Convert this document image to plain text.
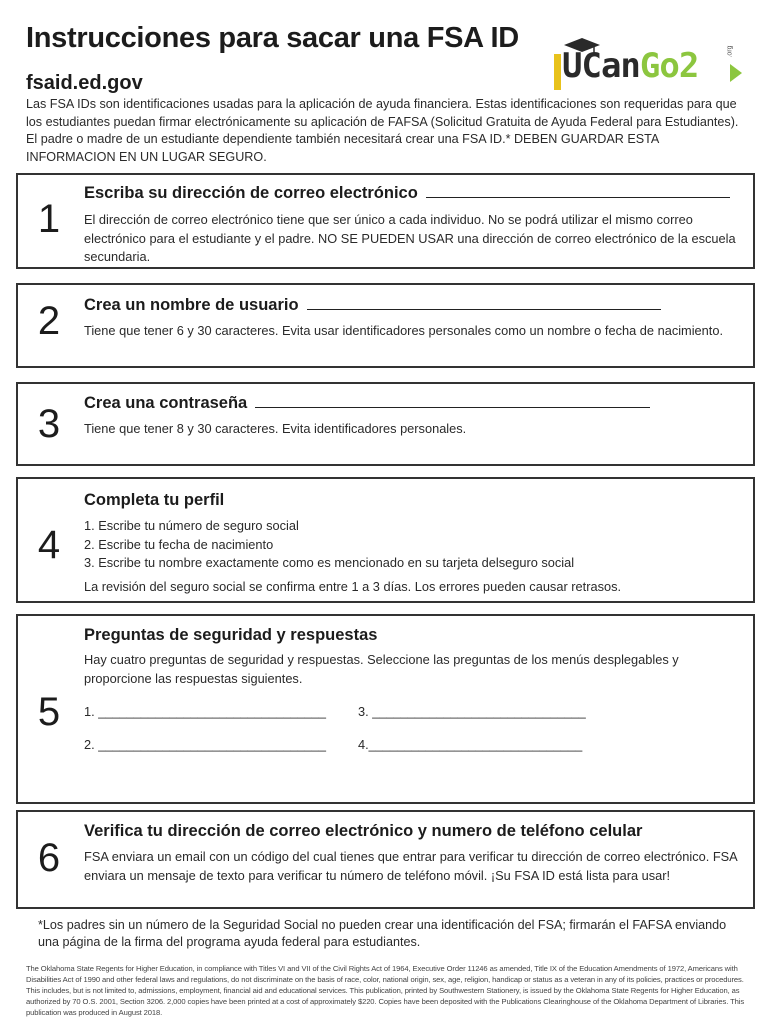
Instrucciones para sacar una FSA ID
fsaid.ed.gov
Las FSA IDs son identificaciones usadas para la aplicación de ayuda financiera. Estas identificaciones son requeridas para que los estudiantes puedan firmar electrónicamente su aplicación de FAFSA (Solicitud Gratuita de Ayuda Federal para Estudiantes). El padre o madre de un estudiante dependiente también necesitará crear una FSA ID.* DEBEN GUARDAR ESTA INFORMACION EN UN LUGAR SEGURO.
UCanGo2	.org
1
Escriba su dirección de correo electrónico
El dirección de correo electrónico tiene que ser único a cada individuo. No se podrá utilizar el mismo correo electrónico para el estudiante y el padre. NO SE PUEDEN USAR una dirección de correo electrónico de la escuela secundaria.
2	Crea un nombre de usuario
Tiene que tener 6 y 30 caracteres. Evita usar identificadores personales como un nombre o fecha de nacimiento.
3	Crea una contraseña
Tiene que tener 8 y 30 caracteres. Evita identificadores personales.
4
Completa tu perfil
1. Escribe tu número de seguro social
2. Escribe tu fecha de nacimiento
3. Escribe tu nombre exactamente como es mencionado en su tarjeta delseguro social
La revisión del seguro social se confirma entre 1 a 3 días. Los errores pueden causar retrasos.
5
Preguntas de seguridad y respuestas
Hay cuatro preguntas de seguridad y respuestas. Seleccione las preguntas de los menús desplegables y proporcione las respuestas siguientes.
1. ________________________________	3. ______________________________
2. ________________________________	4.______________________________
6
Verifica tu dirección de correo electrónico y numero de teléfono celular
FSA enviara un email con un código del cual tienes que entrar para verificar tu dirección de correo electrónico. FSA enviara un mensaje de texto para verificar tu número de teléfono móvil. ¡Su FSA ID está lista para usar!
*Los padres sin un número de la Seguridad Social no pueden crear una identificación del FSA; firmarán el FAFSA enviando una página de la firma del programa ayuda federal para estudiantes.
The Oklahoma State Regents for Higher Education, in compliance with Titles VI and VII of the Civil Rights Act of 1964, Executive Order 11246 as amended, Title IX of the Education Amendments of 1972, Americans with Disabilities Act of 1990 and other federal laws and regulations, do not discriminate on the basis of race, color, national origin, sex, age, religion, handicap or status as a veteran in any of its policies, practices or procedures. This includes, but is not limited to, admissions, employment, financial aid and educational services. This publication, printed by Southwestern Stationery, is issued by the Oklahoma State Regents for Higher Education, as authorized by 70 O.S. 2001, Section 3206. 2,000 copies have been printed at a cost of approximately $220. Copies have been deposited with the Publications Clearinghouse of the Oklahoma Department of Libraries. This publication was produced in August 2018.
